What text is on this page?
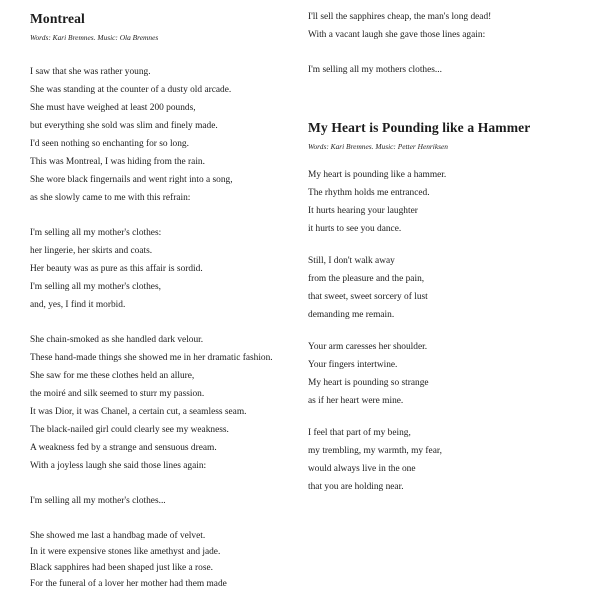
Montreal
Words: Kari Bremnes. Music: Ola Bremnes
I saw that she was rather young.
She was standing at the counter of a dusty old arcade.
She must have weighed at least 200 pounds,
but everything she sold was slim and finely made.
I'd seen nothing so enchanting for so long.
This was Montreal, I was hiding from the rain.
She wore black fingernails and went right into a song,
as she slowly came to me with this refrain:
I'm selling all my mother's clothes:
her lingerie, her skirts and coats.
Her beauty was as pure as this affair is sordid.
I'm selling all my mother's clothes,
and, yes, I find it morbid.
She chain-smoked as she handled dark velour.
These hand-made things she showed me in her dramatic fashion.
She saw for me these clothes held an allure,
the moiré and silk seemed to sturr my passion.
It was Dior, it was Chanel, a certain cut, a seamless seam.
The black-nailed girl could clearly see my weakness.
A weakness fed by a strange and sensuous dream.
With a joyless laugh she said those lines again:
I'm selling all my mother's clothes...
She showed me last a handbag made of velvet.
In it were expensive stones like amethyst and jade.
Black sapphires had been shaped just like a rose.
For the funeral of a lover her mother had them made
I'll sell the sapphires cheap, the man's long dead!
With a vacant laugh she gave those lines again:
I'm selling all my mothers clothes...
My Heart is Pounding like a Hammer
Words: Kari Bremnes. Music: Petter Henriksen
My heart is pounding like a hammer.
The rhythm holds me entranced.
It hurts hearing your laughter
it hurts to see you dance.
Still, I don't walk away
from the pleasure and the pain,
that sweet, sweet sorcery of lust
demanding me remain.
Your arm caresses her shoulder.
Your fingers intertwine.
My heart is pounding so strange
as if her heart were mine.
I feel that part of my being,
my trembling, my warmth, my fear,
would always live in the one
that you are holding near.
